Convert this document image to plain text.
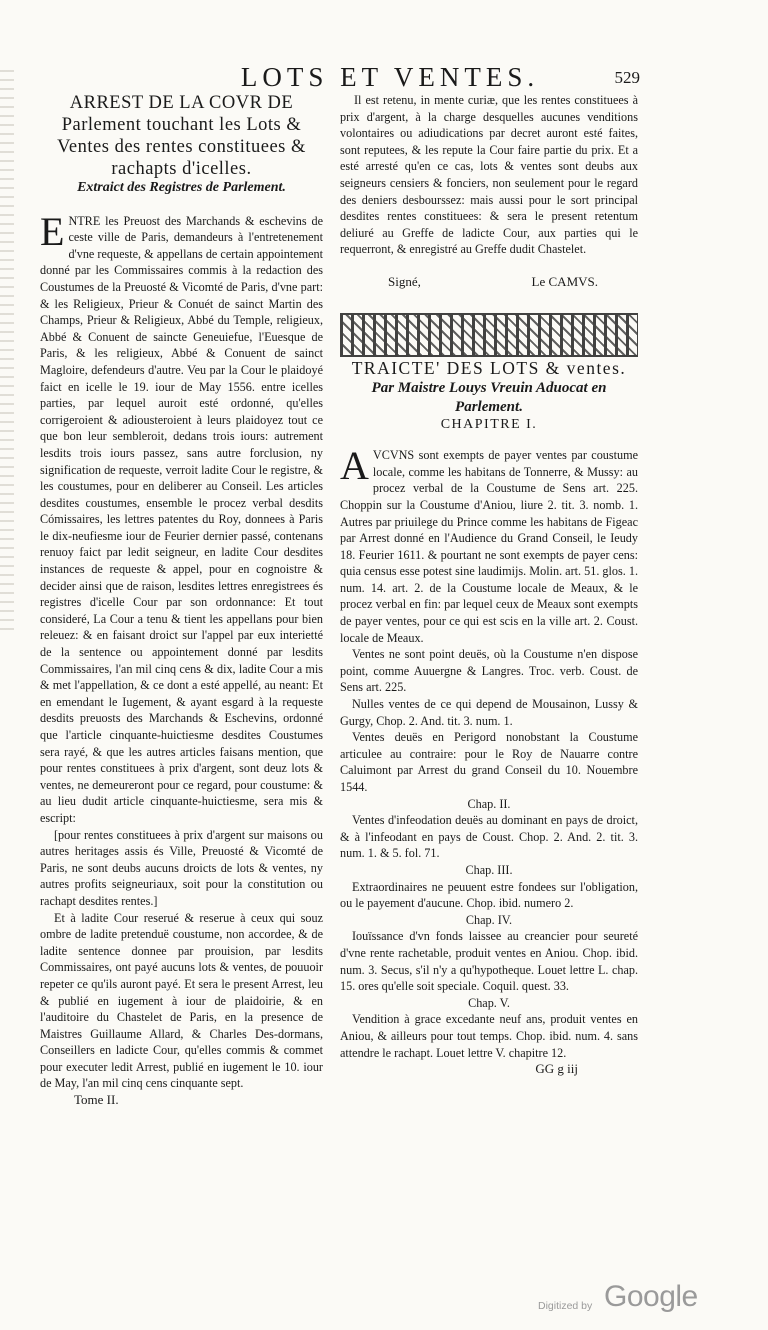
LOTS ET VENTES.	529

ARREST DE LA COVR DE Parlement touchant les Lots & Ventes des rentes constituees & rachapts d'icelles.

Extraict des Registres de Parlement.

ENTRE les Preuost des Marchands & eschevins de ceste ville de Paris, demandeurs à l'entretenement d'vne requeste, & appellans de certain appointement donné par les Commissaires commis à la redaction des Coustumes de la Preuosté & Vicomté de Paris, d'vne part: & les Religieux, Prieur & Conuét de sainct Martin des Champs, Prieur & Religieux, Abbé du Temple, religieux, Abbé & Conuent de saincte Geneuiefue, l'Euesque de Paris, & les religieux, Abbé & Conuent de sainct Magloire, defendeurs d'autre. Veu par la Cour le plaidoyé faict en icelle le 19. iour de May 1556. entre icelles parties, par lequel auroit esté ordonné, qu'elles corrigeroient & adiousteroient à leurs plaidoyez tout ce que bon leur sembleroit, dedans trois iours: autrement lesdits trois iours passez, sans autre forclusion, ny signification de requeste, verroit ladite Cour le registre, & les coustumes, pour en deliberer au Conseil. Les articles desdites coustumes, ensemble le procez verbal desdits Cómissaires, les lettres patentes du Roy, donnees à Paris le dix-neufiesme iour de Feurier dernier passé, contenans renuoy faict par ledit seigneur, en ladite Cour desdites instances de requeste & appel, pour en cognoistre & decider ainsi que de raison, lesdites lettres enregistrees és registres d'icelle Cour par son ordonnance: Et tout consideré, La Cour a tenu & tient les appellans pour bien releuez: & en faisant droict sur l'appel par eux interietté de la sentence ou appointement donné par lesdits Commissaires, l'an mil cinq cens & dix, ladite Cour a mis & met l'appellation, & ce dont a esté appellé, au neant: Et en emendant le Iugement, & ayant esgard à la requeste desdits preuosts des Marchands & Eschevins, ordonné que l'article cinquante-huictiesme desdites Coustumes sera rayé, & que les autres articles faisans mention, que pour rentes constituees à prix d'argent, sont deuz lots & ventes, ne demeureront pour ce regard, pour coustume: & au lieu dudit article cinquante-huictiesme, sera mis & escript:

[pour rentes constituees à prix d'argent sur maisons ou autres heritages assis és Ville, Preuosté & Vicomté de Paris, ne sont deubs aucuns droicts de lots & ventes, ny autres profits seigneuriaux, soit pour la constitution ou rachapt desdites rentes.]

Et à ladite Cour reserué & reserue à ceux qui souz ombre de ladite pretenduë coustume, non accordee, & de ladite sentence donnee par prouision, par lesdits Commissaires, ont payé aucuns lots & ventes, de pouuoir repeter ce qu'ils auront payé. Et sera le present Arrest, leu & publié en iugement à iour de plaidoirie, & en l'auditoire du Chastelet de Paris, en la presence de Maistres Guillaume Allard, & Charles Des-dormans, Conseillers en ladicte Cour, qu'elles commis & commet pour executer ledit Arrest, publié en iugement le 10. iour de May, l'an mil cinq cens cinquante sept.

Tome II.

Il est retenu, in mente curiæ, que les rentes constituees à prix d'argent, à la charge desquelles aucunes venditions volontaires ou adiudications par decret auront esté faites, sont reputees, & les repute la Cour faire partie du prix. Et a esté arresté qu'en ce cas, lots & ventes sont deubs aux seigneurs censiers & fonciers, non seulement pour le regard des deniers desbourssez: mais aussi pour le sort principal desdites rentes constituees: & sera le present retentum deliuré au Greffe de ladicte Cour, aux parties qui le requerront, & enregistré au Greffe dudit Chastelet.

Signé,	Le CAMVS.

TRAICTE' DES LOTS & ventes.

Par Maistre Louys Vreuin Aduocat en Parlement.

CHAPITRE I.

AVCVNS sont exempts de payer ventes par coustume locale, comme les habitans de Tonnerre, & Mussy: au procez verbal de la Coustume de Sens art. 225. Choppin sur la Coustume d'Aniou, liure 2. tit. 3. nomb. 1. Autres par priuilege du Prince comme les habitans de Figeac par Arrest donné en l'Audience du Grand Conseil, le Ieudy 18. Feurier 1611. & pourtant ne sont exempts de payer cens: quia census esse potest sine laudimijs. Molin. art. 51. glos. 1. num. 14. art. 2. de la Coustume locale de Meaux, & le procez verbal en fin: par lequel ceux de Meaux sont exempts de payer ventes, pour ce qui est scis en la ville art. 2. Coust. locale de Meaux.

Ventes ne sont point deuës, où la Coustume n'en dispose point, comme Auuergne & Langres. Troc. verb. Coust. de Sens art. 225.

Nulles ventes de ce qui depend de Mousainon, Lussy & Gurgy, Chop. 2. And. tit. 3. num. 1.

Ventes deuës en Perigord nonobstant la Coustume articulee au contraire: pour le Roy de Nauarre contre Caluimont par Arrest du grand Conseil du 10. Nouembre 1544.

Chap. II.

Ventes d'infeodation deuës au dominant en pays de droict, & à l'infeodant en pays de Coust. Chop. 2. And. 2. tit. 3. num. 1. & 5. fol. 71.

Chap. III.

Extraordinaires ne peuuent estre fondees sur l'obligation, ou le payement d'aucune. Chop. ibid. numero 2.

Chap. IV.

Iouïssance d'vn fonds laissee au creancier pour seureté d'vne rente rachetable, produit ventes en Aniou. Chop. ibid. num. 3. Secus, s'il n'y a qu'hypotheque. Louet lettre L. chap. 15. ores qu'elle soit speciale. Coquil. quest. 33.

Chap. V.

Vendition à grace excedante neuf ans, produit ventes en Aniou, & ailleurs pour tout temps. Chop. ibid. num. 4. sans attendre le rachapt. Louet lettre V. chapitre 12.

GG g iij

Digitized by Google
